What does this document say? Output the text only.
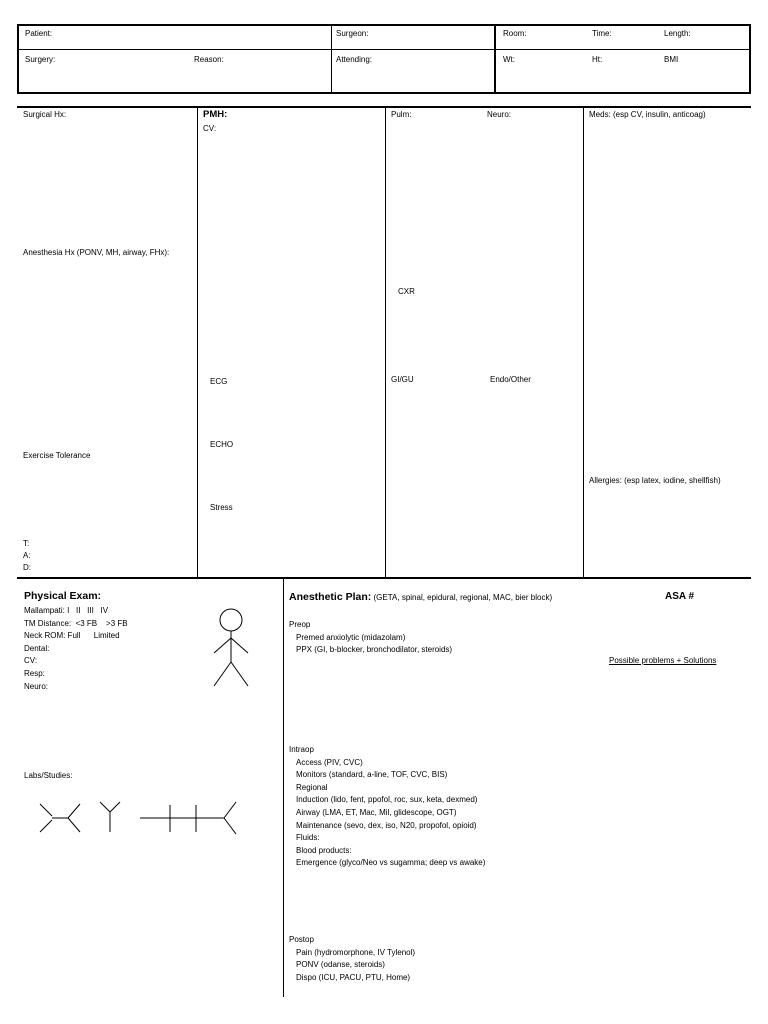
Patient:	Surgeon:	Room:	Time:	Length:
Surgery:	Reason:	Attending:	Wt:	Ht:	BMI
Surgical Hx:
Anesthesia Hx (PONV, MH, airway, FHx):
Exercise Tolerance
T:
A:
D:
PMH:
CV:
ECG
ECHO
Stress
Pulm:	Neuro:
CXR
GI/GU	Endo/Other
Meds: (esp CV, insulin, anticoag)
Allergies: (esp latex, iodine, shellfish)
Physical Exam:
Mallampati: I   II   III   IV
TM Distance:  <3 FB    >3 FB
Neck ROM: Full      Limited
Dental:
CV:
Resp:
Neuro:
Labs/Studies:
Anesthetic Plan: (GETA, spinal, epidural, regional, MAC, bier block)	ASA #
Possible problems + Solutions
Preop
Premed anxiolytic (midazolam)
PPX (GI, b-blocker, bronchodilator, steroids)
Intraop
Access (PIV, CVC)
Monitors (standard, a-line, TOF, CVC, BIS)
Regional
Induction (lido, fent, ppofol, roc, sux, keta, dexmed)
Airway (LMA, ET, Mac, Mil, glidescope, OGT)
Maintenance (sevo, dex, iso, N20, propofol, opioid)
Fluids:
Blood products:
Emergence (glyco/Neo vs sugamma; deep vs awake)
Postop
Pain (hydromorphone, IV Tylenol)
PONV (odanse, steroids)
Dispo (ICU, PACU, PTU, Home)
